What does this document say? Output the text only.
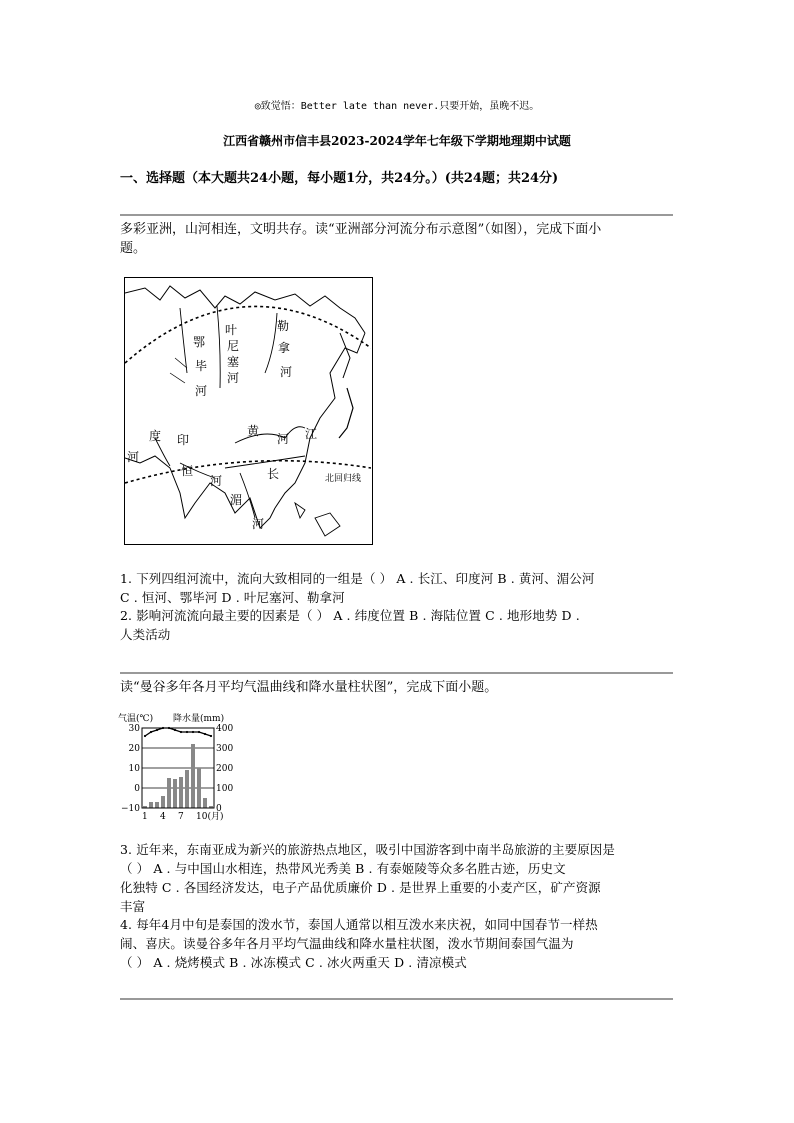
◎致觉悟：Better late than never.只要开始，虽晚不迟。
江西省赣州市信丰县2023-2024学年七年级下学期地理期中试题
一、选择题（本大题共24小题，每小题1分，共24分。）(共24题；共24分)
多彩亚洲，山河相连，文明共存。读“亚洲部分河流分布示意图”（如图），完成下面小
题。
叶
尼
塞
河
勒
拿
河
鄂
毕
河
黄
河
度 印
河
恒
河	长
江
湄
河
北回归线
1. 下列四组河流中，流向大致相同的一组是（ ） A . 长江、印度河 B . 黄河、湄公河
C . 恒河、鄂毕河 D . 叶尼塞河、勒拿河
2. 影响河流流向最主要的因素是（ ） A . 纬度位置 B . 海陆位置 C . 地形地势 D .
人类活动
读“曼谷多年各月平均气温曲线和降水量柱状图”，完成下面小题。
气温(℃) 降水量(mm)
30
20
10
0
−10
400
300
200
100
0
1 4 7 10(月)
3. 近年来，东南亚成为新兴的旅游热点地区，吸引中国游客到中南半岛旅游的主要原因是
（ ） A . 与中国山水相连，热带风光秀美 B . 有泰姬陵等众多名胜古迹，历史文
化独特 C . 各国经济发达，电子产品优质廉价 D . 是世界上重要的小麦产区，矿产资源
丰富
4. 每年4月中旬是泰国的泼水节，泰国人通常以相互泼水来庆祝，如同中国春节一样热
闹、喜庆。读曼谷多年各月平均气温曲线和降水量柱状图，泼水节期间泰国气温为
（ ） A . 烧烤模式 B . 冰冻模式 C . 冰火两重天 D . 清凉模式
